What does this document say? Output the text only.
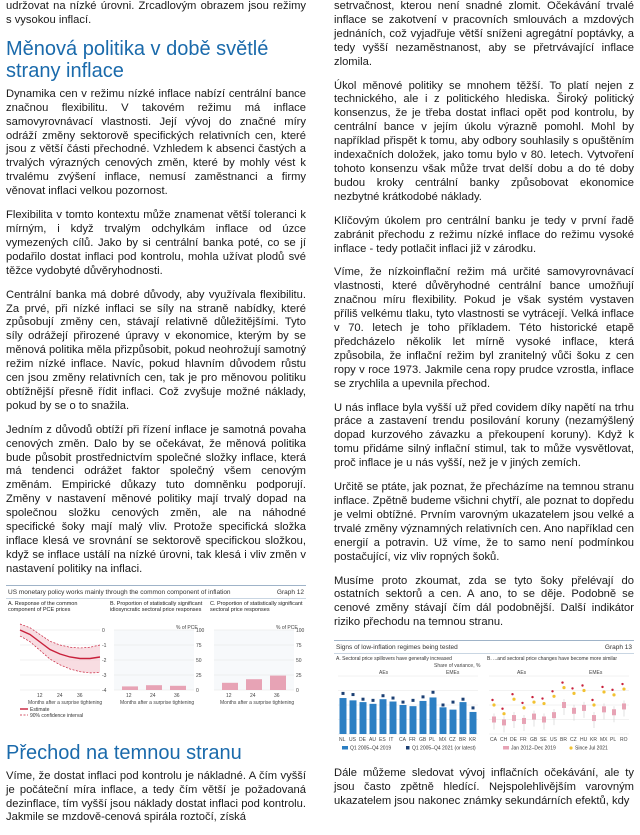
udržovat na nízké úrovni. Zrcadlovým obrazem jsou režimy s vysokou inflací.

Měnová politika v době světlé strany inflace

Dynamika cen v režimu nízké inflace nabízí centrální bance značnou flexibilitu. V takovém režimu má inflace samovyrovnávací vlastnosti. Její vývoj do značné míry odráží změny sektorově specifických relativních cen, které jsou z větší části přechodné. Vzhledem k absenci častých a trvalých výrazných cenových změn, které by mohly vést k trvalému zvýšení inflace, nemusí zaměstnanci a firmy věnovat inflaci velkou pozornost.

Flexibilita v tomto kontextu může znamenat větší toleranci k mírným, i když trvalým odchylkám inflace od úzce vymezených cílů. Jako by si centrální banka poté, co se jí podařilo dostat inflaci pod kontrolu, mohla užívat plodů své těžce vydobyté důvěryhodnosti.

Centrální banka má dobré důvody, aby využívala flexibilitu. Za prvé, při nízké inflaci se síly na straně nabídky, které způsobují změny cen, stávají relativně důležitějšími. Tyto síly odrážejí přirozené úpravy v ekonomice, kterým by se měnová politika měla přizpůsobit, pokud neohrožují samotný režim nízké inflace. Navíc, pokud hlavním důvodem růstu cen jsou změny relativních cen, tak je pro měnovou politiku obtížnější přesně řídit inflaci. Což zvyšuje možné náklady, pokud by se o to snažila.

Jedním z důvodů obtíží při řízení inflace je samotná povaha cenových změn. Dalo by se očekávat, že měnová politika bude působit prostřednictvím společné složky inflace, která má tendenci odrážet faktor společný všem cenovým změnám. Empirické důkazy tuto domněnku podporují. Změny v nastavení měnové politiky mají trvalý dopad na společnou složku cenových změn, ale na náhodné specifické šoky mají malý vliv. Protože specifická složka inflace klesá ve srovnání se sektorově specifickou složkou, když se inflace ustálí na nízké úrovni, tak klesá i vliv změn v nastavení politiky na inflaci.

US monetary policy works mainly through the common component of inflation	Graph 12
A. Response of the common component of PCE prices
B. Proportion of statistically significant idiosyncratic sectoral price responses
C. Proportion of statistically significant sectoral price responses
0
-1
-2
-3
-4
12	24	36
Months after a surprise tightening
Estimate
90% confidence interval
% of PCE
100
75
50
25
0
12	24	36
Months after a surprise tightening
% of PCE
100
75
50
25
0
12	24	36
Months after a surprise tightening
Přechod na temnou stranu

Víme, že dostat inflaci pod kontrolu je nákladné. A čím vyšší je počáteční míra inflace, a tedy čím větší je požadovaná dezinflace, tím vyšší jsou náklady dostat inflaci pod kontrolu. Jakmile se mzdově-cenová spirála roztočí, získá

setrvačnost, kterou není snadné zlomit. Očekávání trvalé inflace se zakotvení v pracovních smlouvách a mzdových jednáních, což vyjadřuje větší sníženi agregátní poptávky, a tedy vyšší nezaměstnanost, aby se přetrvávající inflace zlomila.

Úkol měnové politiky se mnohem těžší. To platí nejen z technického, ale i z politického hlediska. Široký politický konsenzus, že je třeba dostat inflaci opět pod kontrolu, by centrální bance v jejím úkolu výrazně pomohl. Mohl by například přispět k tomu, aby odbory souhlasily s opuštěním indexačních doložek, jako tomu bylo v 80. letech. Vytvoření tohoto konsenzu však může trvat delší dobu a do té doby budou kroky centrální banky způsobovat ekonomice nezbytné krátkodobé náklady.

Klíčovým úkolem pro centrální banku je tedy v první řadě zabránit přechodu z režimu nízké inflace do režimu vysoké inflace - tedy potlačit inflaci již v zárodku.

Víme, že nízkoinflační režim má určité samovyrovnávací vlastnosti, které důvěryhodné centrální bance umožňují značnou míru flexibility. Pokud je však systém vystaven příliš velkému tlaku, tyto vlastnosti se vytrácejí. Velká inflace v 70. letech je toho příkladem. Této historické etapě předcházelo několik let mírně vysoké inflace, která způsobila, že inflační režim byl zranitelný vůči šoku z cen ropy v roce 1973. Jakmile cena ropy prudce vzrostla, inflace se zrychlila a upevnila přechod.

U nás inflace byla vyšší už před covidem díky napětí na trhu práce a zastavení trendu posilování koruny (nezamýšlený dopad kurzového závazku a překoupení koruny). Když k tomu přidáme silný inflační stimul, tak to může vysvětlovat, proč inflace je u nás vyšší, než je v jiných zemích.

Určitě se ptáte, jak poznat, že přecházíme na temnou stranu inflace. Zpětně budeme všichni chytří, ale poznat to dopředu je velmi obtížné. Prvním varovným ukazatelem jsou velké a trvalé změny významných relativních cen. Ano například cen energií a potravin. Už víme, že to samo není podmínkou postačující, viz vliv ropných šoků.

Musíme proto zkoumat, zda se tyto šoky přelévají do ostatních sektorů a cen. A ano, to se děje. Podobně se cenové změny stávají čím dál podobnější. Další indikátor riziko přechodu na temnou stranu.

Signs of low-inflation regimes being tested	Graph 13
A. Sectoral price spillovers have generally increased
Share of variance, %
AEs	EMEs
NL US DE AU ES IT CA FR GB PL MX CZ BR KR
Q1 2005–Q4 2019	Q1 2005–Q4 2021 (or latest)
B. ...and sectoral price changes have become more similar
AEs	EMEs
CA CH DE FR GB SE US BR CZ HU KR MX PL RO
Jan 2012–Dec 2019	Since Jul 2021

Dále můžeme sledovat vývoj inflačních očekávání, ale ty jsou často zpětně hledící. Nejspolehlivějším varovným ukazatelem jsou nakonec známky sekundárních efektů, kdy
